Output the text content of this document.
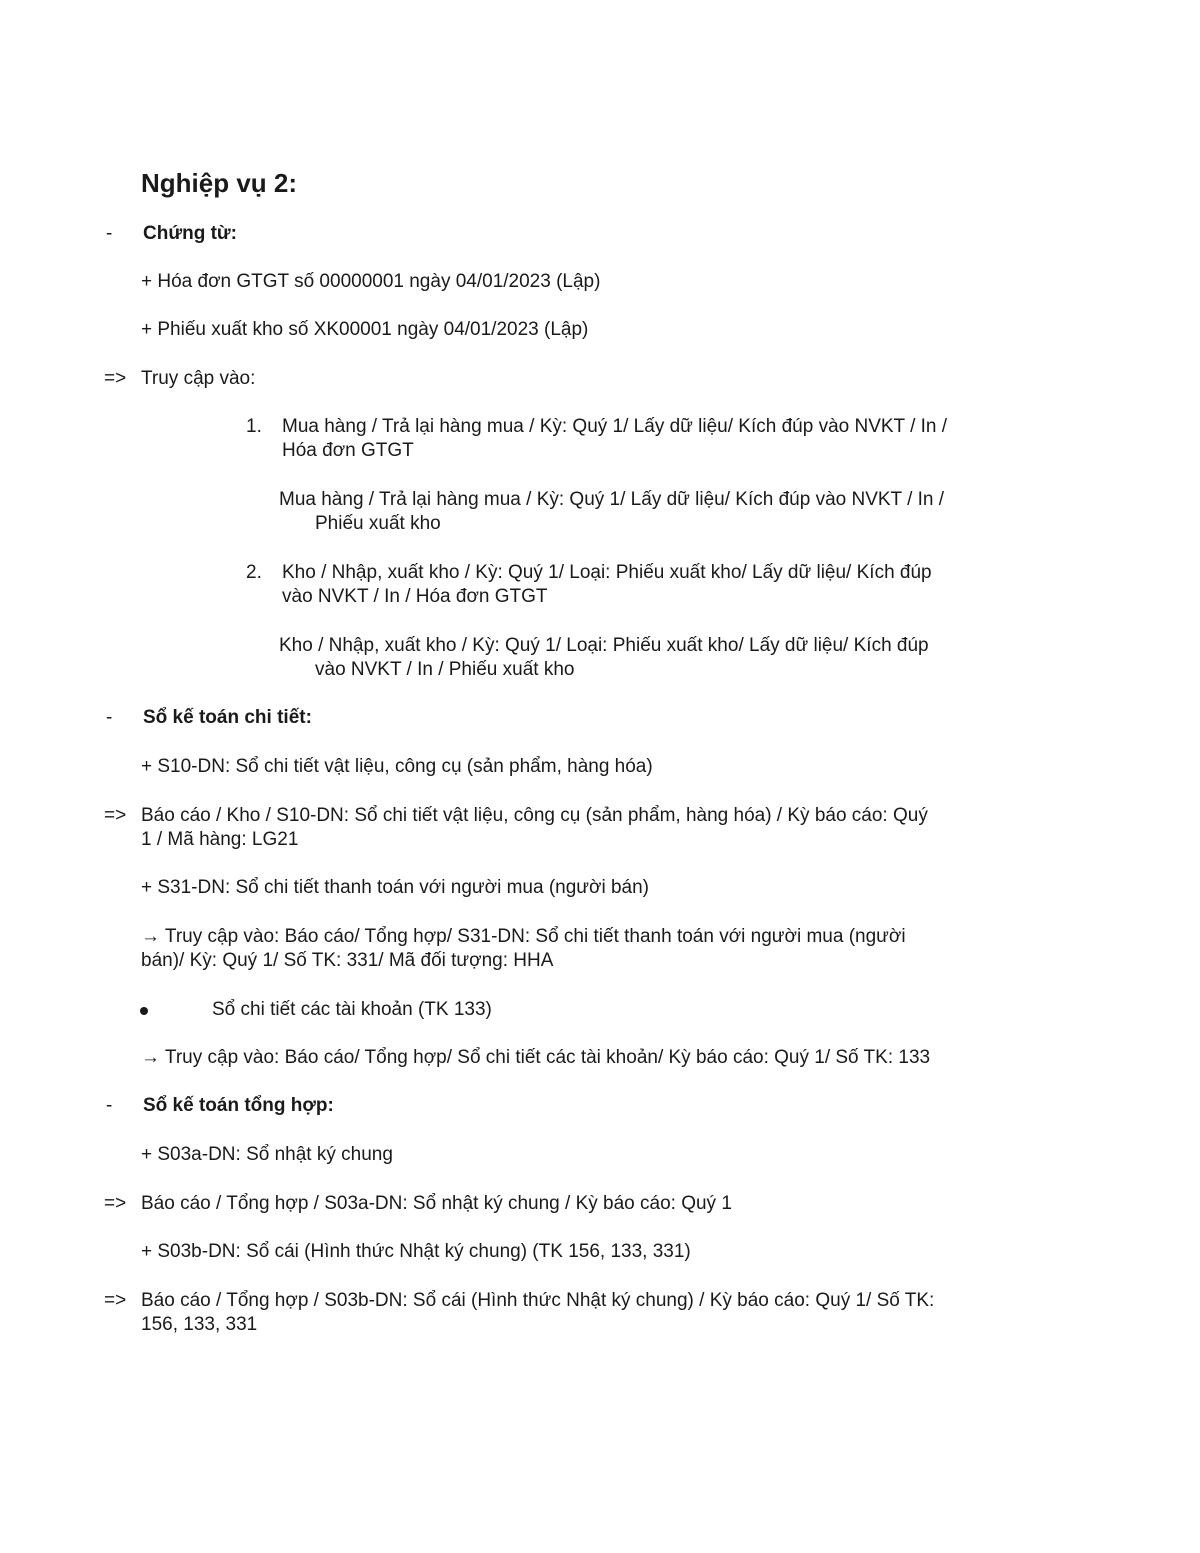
Nghiệp vụ 2:
- Chứng từ:
+ Hóa đơn GTGT số 00000001 ngày 04/01/2023 (Lập)
+ Phiếu xuất kho số XK00001 ngày 04/01/2023 (Lập)
=> Truy cập vào:
1. Mua hàng / Trả lại hàng mua / Kỳ: Quý 1/ Lấy dữ liệu/ Kích đúp vào NVKT / In /
Hóa đơn GTGT
Mua hàng / Trả lại hàng mua / Kỳ: Quý 1/ Lấy dữ liệu/ Kích đúp vào NVKT / In /
Phiếu xuất kho
2. Kho / Nhập, xuất kho / Kỳ: Quý 1/ Loại: Phiếu xuất kho/ Lấy dữ liệu/ Kích đúp
vào NVKT / In / Hóa đơn GTGT
Kho / Nhập, xuất kho / Kỳ: Quý 1/ Loại: Phiếu xuất kho/ Lấy dữ liệu/ Kích đúp
vào NVKT / In / Phiếu xuất kho
- Sổ kế toán chi tiết:
+ S10-DN: Sổ chi tiết vật liệu, công cụ (sản phẩm, hàng hóa)
=> Báo cáo / Kho / S10-DN: Sổ chi tiết vật liệu, công cụ (sản phẩm, hàng hóa) / Kỳ báo cáo: Quý
1 / Mã hàng: LG21
+ S31-DN: Sổ chi tiết thanh toán với người mua (người bán)
→ Truy cập vào: Báo cáo/ Tổng hợp/ S31-DN: Sổ chi tiết thanh toán với người mua (người
bán)/ Kỳ: Quý 1/ Số TK: 331/ Mã đối tượng: HHA
Sổ chi tiết các tài khoản (TK 133)
→ Truy cập vào: Báo cáo/ Tổng hợp/ Sổ chi tiết các tài khoản/ Kỳ báo cáo: Quý 1/ Số TK: 133
- Sổ kế toán tổng hợp:
+ S03a-DN: Sổ nhật ký chung
=> Báo cáo / Tổng hợp / S03a-DN: Sổ nhật ký chung / Kỳ báo cáo: Quý 1
+ S03b-DN: Sổ cái (Hình thức Nhật ký chung) (TK 156, 133, 331)
=> Báo cáo / Tổng hợp / S03b-DN: Sổ cái (Hình thức Nhật ký chung) / Kỳ báo cáo: Quý 1/ Số TK:
156, 133, 331
